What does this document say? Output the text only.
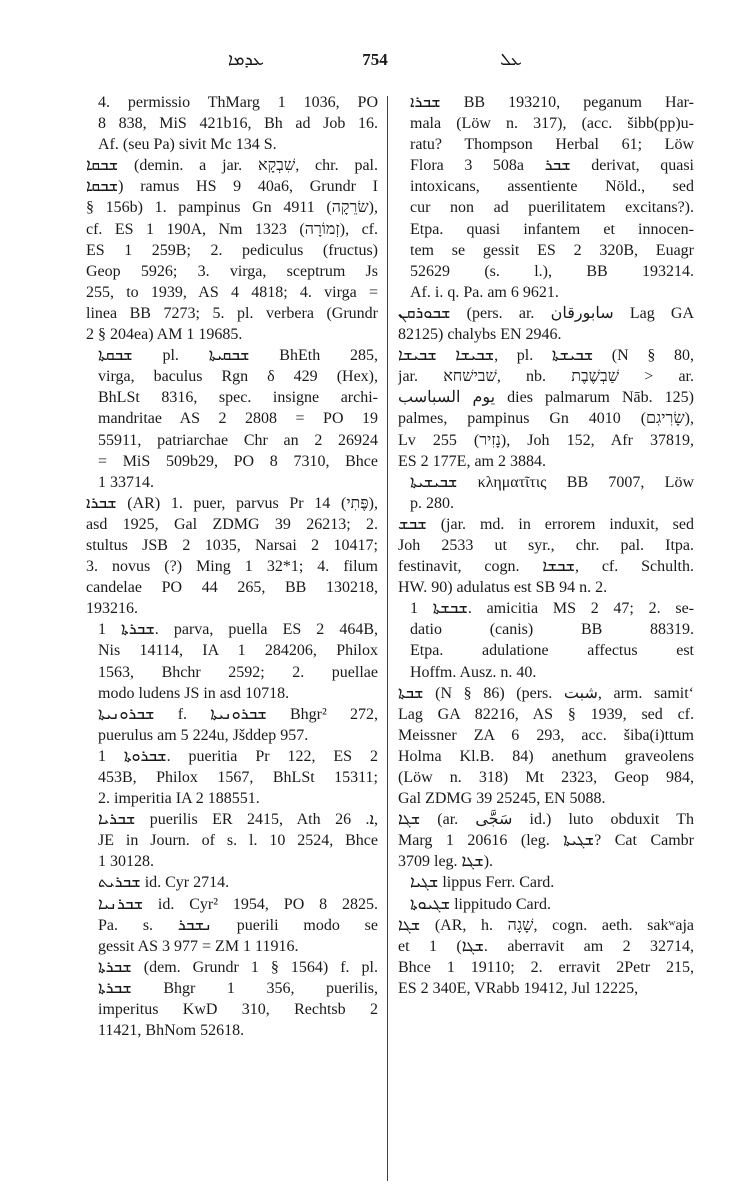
ܥܕܡܐ	754	ܥܠ
4. permissio ThMarg 1 1036, PO
8 838, MiS 421b16, Bh ad Job 16.
Af. (seu Pa) sivit Mc 134 S.
ܫܒܩܐ (demin. a jar. שִׁבְקָא, chr. pal.
ܫܒܩܐ) ramus HS 9 40a6, Grundr I
§ 156b) 1. pampinus Gn 4911 (שׂרֵקָה),
cf. ES 1 190A, Nm 1323 (זְמוֹרָה), cf.
ES 1 259B; 2. pediculus (fructus)
Geop 5926; 3. virga, sceptrum Js
255, to 1939, AS 4 4818; 4. virga =
linea BB 7273; 5. pl. verbera (Grundr
2 § 204ea) AM 1 19685.
ܫܒܩܬܐ pl. ܫܒܩܝܬܐ BhEth 285,
virga, baculus Rgn δ 429 (Hex),
BhLSt 8316, spec. insigne archi-
mandritae AS 2 2808 = PO 19
55911, patriarchae Chr an 2 26924
= MiS 509b29, PO 8 7310, Bhce
1 33714.
ܫܒܪܐ (AR) 1. puer, parvus Pr 14 (פֶּתִי),
asd 1925, Gal ZDMG 39 26213; 2.
stultus JSB 2 1035, Narsai 2 10417;
3. novus (?) Ming 1 32*1; 4. filum
candelae PO 44 265, BB 130218,
193216.
ܫܒܪܬܐ 1. parva, puella ES 2 464B,
Nis 14114, IA 1 284206, Philox
1563, Bhchr 2592; 2. puellae
modo ludens JS in asd 10718.
ܫܒܪܘܢܝܬܐ f. ܫܒܪܘܢܝܬܐ Bhgr² 272,
puerulus am 5 224u, Jšddep 957.
ܫܒܪܘܬܐ 1. pueritia Pr 122, ES 2
453B, Philox 1567, BhLSt 15311;
2. imperitia IA 2 188551.
ܫܒܪܝܐ puerilis ER 2415, Ath ܐ. 26,
JE in Journ. of s. l. 10 2524, Bhce
1 30128.
ܫܒܪܝܬ id. Cyr 2714.
ܫܒܪܢܝܐ id. Cyr² 1954, PO 8 2825.
Pa. s. ܢܫܒܪ puerili modo se
gessit AS 3 977 = ZM 1 11916.
ܫܒܪܬܐ (dem. Grundr 1 § 1564) f. pl.
ܫܒܪܬܐ Bhgr 1 356, puerilis,
imperitus KwD 310, Rechtsb 2
11421, BhNom 52618.
ܫܒܪܐ BB 193210, peganum Har-
mala (Löw n. 317), (acc. šibb(pp)u-
ratu? Thompson Herbal 61; Löw
Flora 3 508a ܫܒܪ derivat, quasi
intoxicans, assentiente Nöld., sed
cur non ad puerilitatem excitans?).
Etpa. quasi infantem et innocen-
tem se gessit ES 2 320B, Euagr
52629 (s. l.), BB 193214.
Af. i. q. Pa. am 6 9621.
ܫܒܘܪܩܢ (pers. ar. سابورقان Lag GA
82125) chalybs EN 2946.
ܫܒܝܫܐ ܫܒܝܫܐ, pl. ܫܒܝܫܬܐ (N § 80,
jar. שׁבישׁחא, nb. שַׁבְשֶׁבֶת > ar.
يوم السباسب dies palmarum Nāb. 125)
palmes, pampinus Gn 4010 (שָׂרִיגִם),
Lv 255 (נָזִיר), Joh 152, Afr 37819,
ES 2 177E, am 2 3884.
ܫܒܝܫܝܬܐ κληματῖτις BB 7007, Löw
p. 280.
ܫܒܫ (jar. md. in errorem induxit, sed
Joh 2533 ut syr., chr. pal. Itpa.
festinavit, cogn. ܫܒܫܐ, cf. Schulth.
HW. 90) adulatus est SB 94 n. 2.
ܫܒܫܬܐ 1. amicitia MS 2 47; 2. se-
datio (canis) BB 88319.
Etpa. adulatione affectus est
Hoffm. Ausz. n. 40.
ܫܒܬܐ (N § 86) (pers. شبت, arm. samit‘
Lag GA 82216, AS § 1939, sed cf.
Meissner ZA 6 293, acc. šiba(i)ttum
Holma Kl.B. 84) anethum graveolens
(Löw n. 318) Mt 2323, Geop 984,
Gal ZDMG 39 25245, EN 5088.
ܫܓܐ (ar. سَجَّى id.) luto obduxit Th
Marg 1 20616 (leg. ܫܓܝܬܐ? Cat Cambr
3709 leg. ܫܓܐ).
ܫܓܝܐ lippus Ferr. Card.
ܫܓܝܘܬܐ lippitudo Card.
ܫܓܐ (AR, h. שָׁגָה, cogn. aeth. sakʷaja
et ܫܓܐ) 1. aberravit am 2 32714,
Bhce 1 19110; 2. erravit 2Petr 215,
ES 2 340E, VRabb 19412, Jul 12225,
